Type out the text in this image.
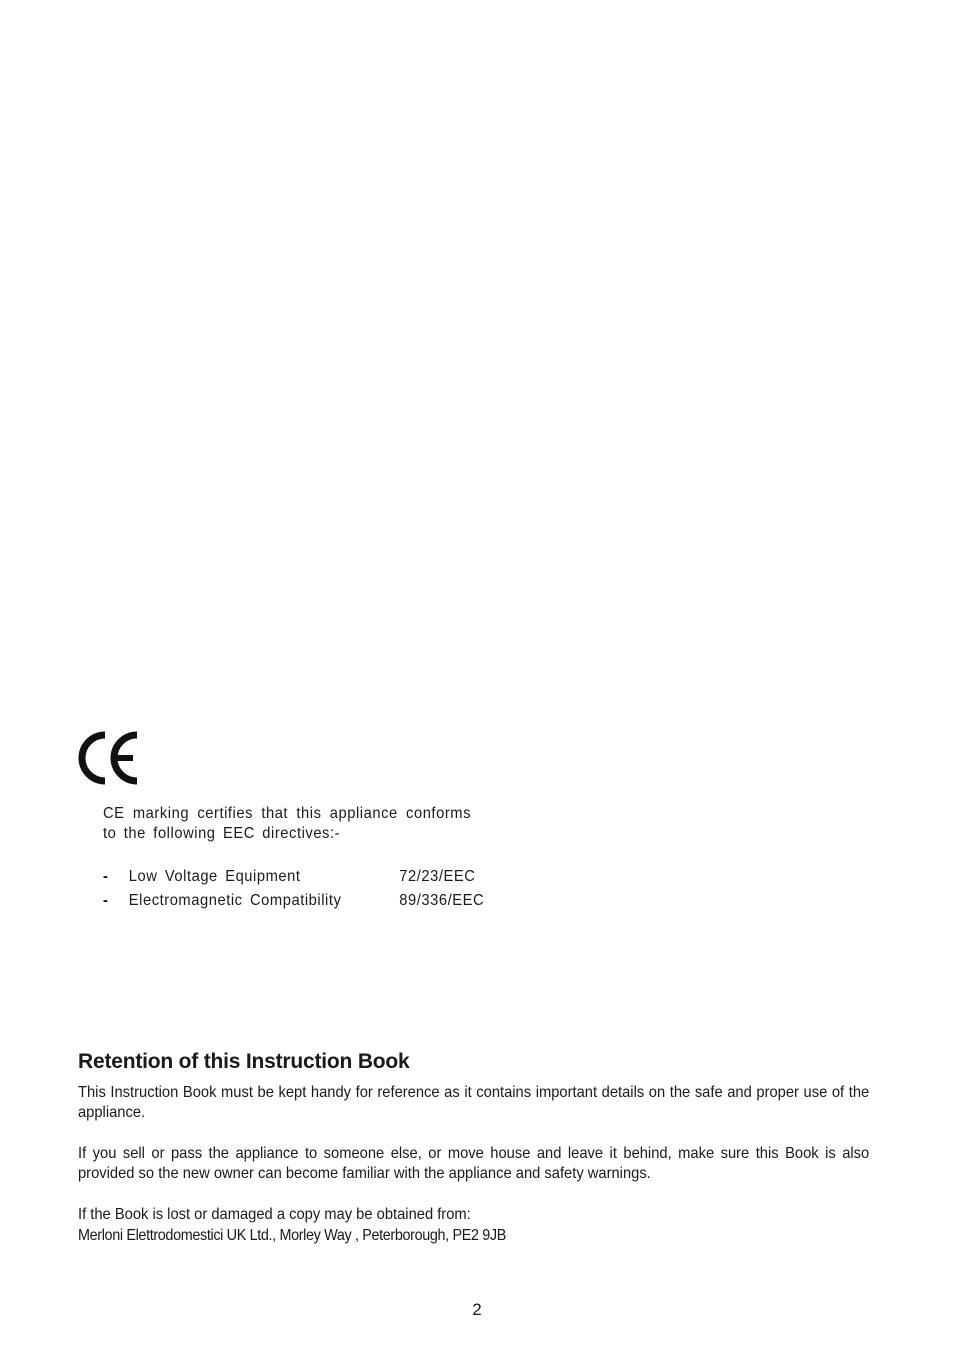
CE marking certifies that this appliance conforms to the following EEC directives:-
-	Low Voltage Equipment	72/23/EEC
-	Electromagnetic Compatibility	89/336/EEC
Retention of this Instruction Book

This Instruction Book must be kept handy for reference as it contains important details on the safe and proper use of the appliance.

If you sell or pass the appliance to someone else, or move house and leave it behind, make sure this Book is also provided so the new owner can become familiar with the appliance and safety warnings.

If the Book is lost or damaged a copy may be obtained from:

Merloni Elettrodomestici UK Ltd., Morley Way , Peterborough, PE2 9JB

2
